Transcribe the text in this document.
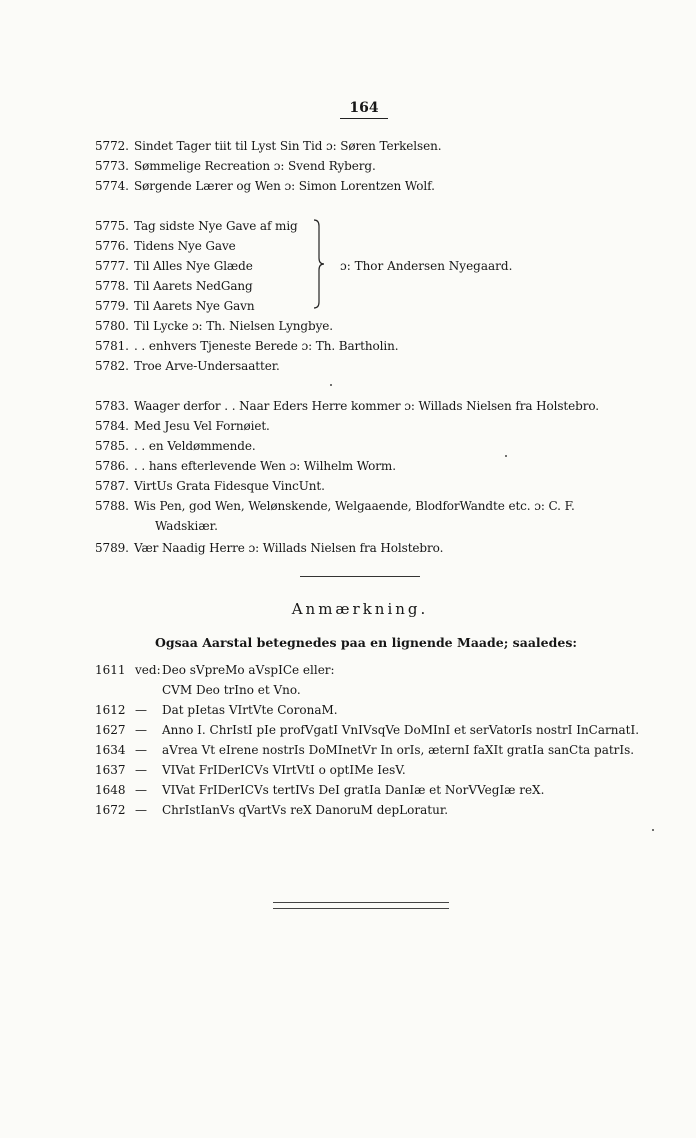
164
5772. Sindet Tager tiit til Lyst Sin Tid ɔ: Søren Terkelsen.
5773. Sømmelige Recreation ɔ: Svend Ryberg.
5774. Sørgende Lærer og Wen ɔ: Simon Lorentzen Wolf.
5775. Tag sidste Nye Gave af mig
5776. Tidens Nye Gave
5777. Til Alles Nye Glæde
5778. Til Aarets NedGang
5779. Til Aarets Nye Gavn
ɔ: Thor Andersen Nyegaard.
5780. Til Lycke ɔ: Th. Nielsen Lyngbye.
5781. . . enhvers Tjeneste Berede ɔ: Th. Bartholin.
5782. Troe Arve-Undersaatter.
5783. Waager derfor . . Naar Eders Herre kommer ɔ: Willads Nielsen fra Holstebro.
5784. Med Jesu Vel Fornøiet.
5785. . . en Veldømmende.
5786. . . hans efterlevende Wen ɔ: Wilhelm Worm.
5787. VirtUs Grata Fidesque VincUnt.
5788. Wis Pen, god Wen, Welønskende, Welgaaende, BlodforWandte etc. ɔ: C. F.
Wadskiær.
5789. Vær Naadig Herre ɔ: Willads Nielsen fra Holstebro.
Anmærkning.
Ogsaa Aarstal betegnedes paa en lignende Maade; saaledes:
1611 ved:Deo sVpreMo aVspICe eller:
CVM Deo trIno et Vno.
1612 — Dat pIetas VIrtVte CoronaM.
1627 — Anno I. ChrIstI pIe profVgatI VnIVsqVe DoMInI et serVatorIs nostrI InCarnatI.
1634 — aVrea Vt eIrene nostrIs DoMInetVr In orIs, æternI faXIt gratIa sanCta patrIs.
1637 — VIVat FrIDerICVs VIrtVtI o optIMe IesV.
1648 — VIVat FrIDerICVs tertIVs DeI gratIa DanIæ et NorVVegIæ reX.
1672 — ChrIstIanVs qVartVs reX DanoruM depLoratur.
